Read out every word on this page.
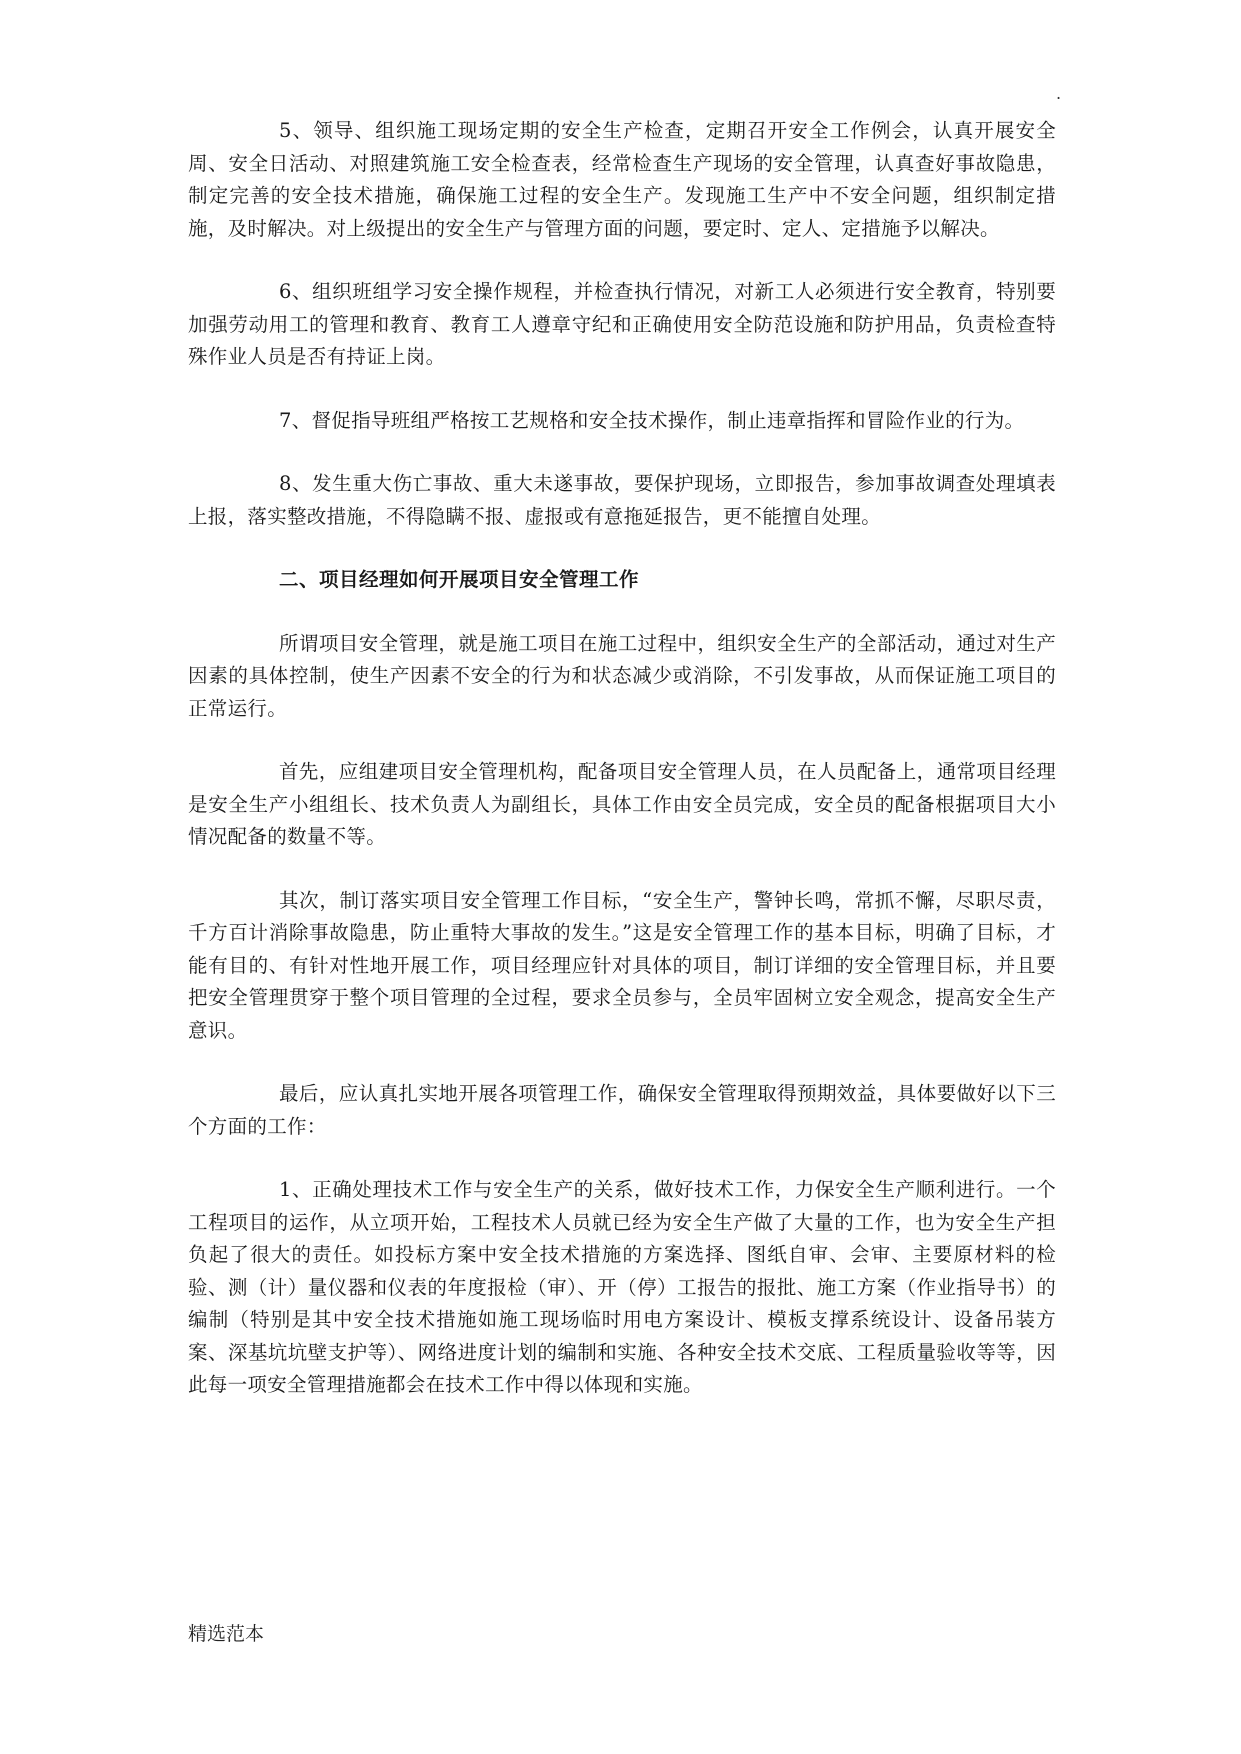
.

5、领导、组织施工现场定期的安全生产检查，定期召开安全工作例会，认真开展安全周、安全日活动、对照建筑施工安全检查表，经常检查生产现场的安全管理，认真查好事故隐患，制定完善的安全技术措施，确保施工过程的安全生产。发现施工生产中不安全问题，组织制定措施，及时解决。对上级提出的安全生产与管理方面的问题，要定时、定人、定措施予以解决。

6、组织班组学习安全操作规程，并检查执行情况，对新工人必须进行安全教育，特别要加强劳动用工的管理和教育、教育工人遵章守纪和正确使用安全防范设施和防护用品，负责检查特殊作业人员是否有持证上岗。

7、督促指导班组严格按工艺规格和安全技术操作，制止违章指挥和冒险作业的行为。

8、发生重大伤亡事故、重大未遂事故，要保护现场，立即报告，参加事故调查处理填表上报，落实整改措施，不得隐瞒不报、虚报或有意拖延报告，更不能擅自处理。

二、项目经理如何开展项目安全管理工作

所谓项目安全管理，就是施工项目在施工过程中，组织安全生产的全部活动，通过对生产因素的具体控制，使生产因素不安全的行为和状态减少或消除，不引发事故，从而保证施工项目的正常运行。

首先，应组建项目安全管理机构，配备项目安全管理人员，在人员配备上，通常项目经理是安全生产小组组长、技术负责人为副组长，具体工作由安全员完成，安全员的配备根据项目大小情况配备的数量不等。

其次，制订落实项目安全管理工作目标，“安全生产，警钟长鸣，常抓不懈，尽职尽责，千方百计消除事故隐患，防止重特大事故的发生。”这是安全管理工作的基本目标，明确了目标，才能有目的、有针对性地开展工作，项目经理应针对具体的项目，制订详细的安全管理目标，并且要把安全管理贯穿于整个项目管理的全过程，要求全员参与，全员牢固树立安全观念，提高安全生产意识。

最后，应认真扎实地开展各项管理工作，确保安全管理取得预期效益，具体要做好以下三个方面的工作：

1、正确处理技术工作与安全生产的关系，做好技术工作，力保安全生产顺利进行。一个工程项目的运作，从立项开始，工程技术人员就已经为安全生产做了大量的工作，也为安全生产担负起了很大的责任。如投标方案中安全技术措施的方案选择、图纸自审、会审、主要原材料的检验、测（计）量仪器和仪表的年度报检（审）、开（停）工报告的报批、施工方案（作业指导书）的编制（特别是其中安全技术措施如施工现场临时用电方案设计、模板支撑系统设计、设备吊装方案、深基坑坑壁支护等）、网络进度计划的编制和实施、各种安全技术交底、工程质量验收等等，因此每一项安全管理措施都会在技术工作中得以体现和实施。

精选范本
